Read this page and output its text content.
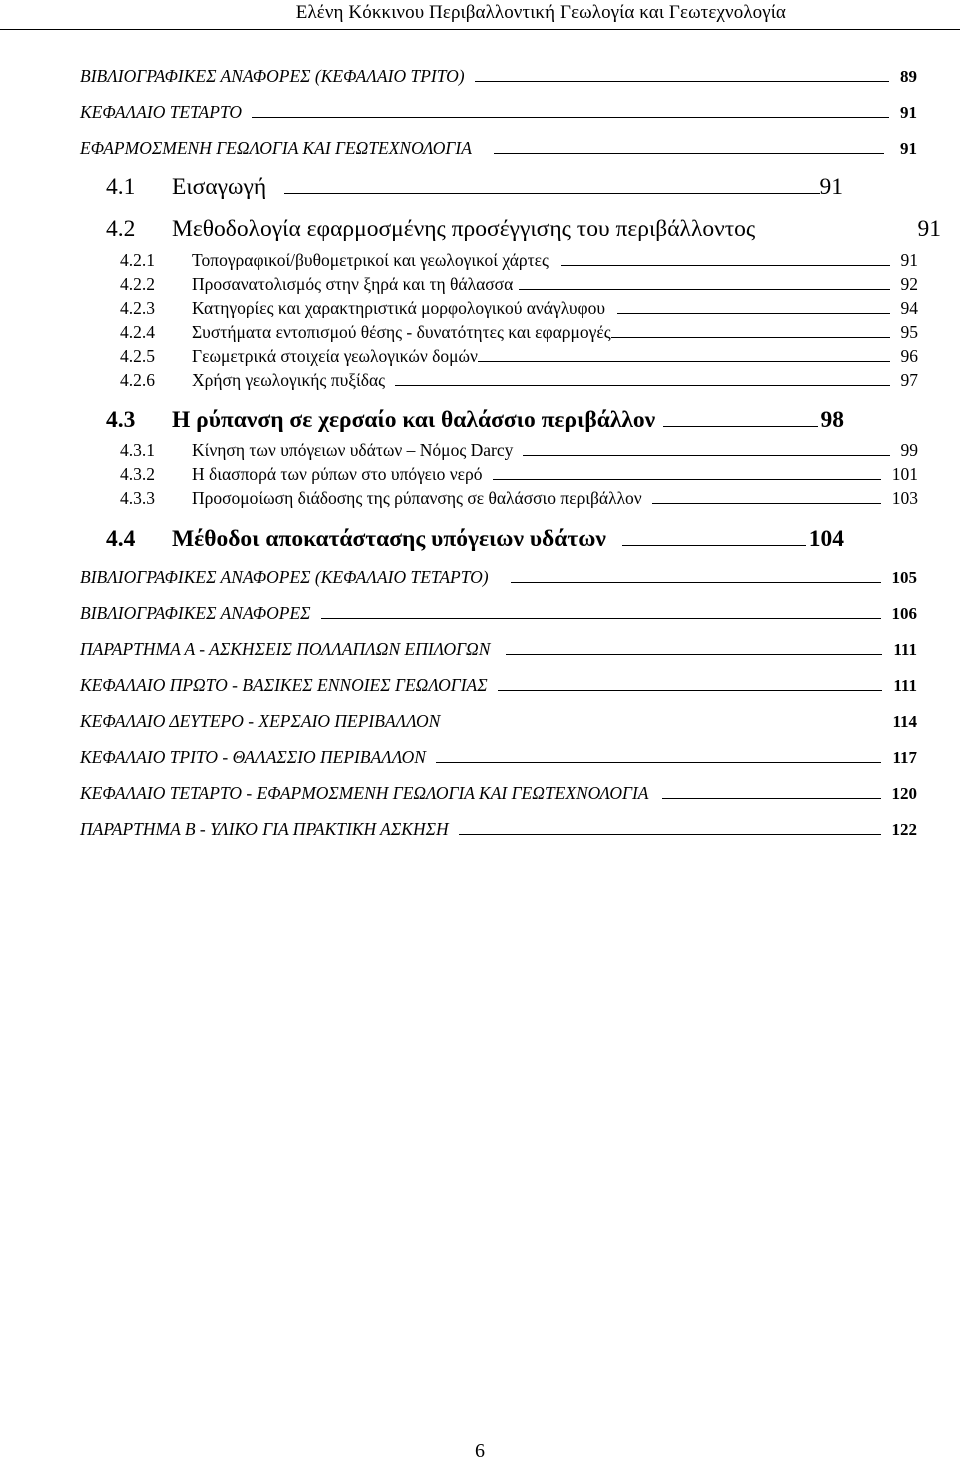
Ελένη Κόκκινου Περιβαλλοντική Γεωλογία και Γεωτεχνολογία
ΒΙΒΛΙΟΓΡΑΦΙΚΕΣ ΑΝΑΦΟΡΕΣ (ΚΕΦΑΛΑΙΟ ΤΡΙΤΟ)	89
ΚΕΦΑΛΑΙΟ ΤΕΤΑΡΤΟ	91
ΕΦΑΡΜΟΣΜΕΝΗ ΓΕΩΛΟΓΙΑ ΚΑΙ ΓΕΩΤΕΧΝΟΛΟΓΙΑ	91
4.1	Εισαγωγή	91
4.2	Μεθοδολογία εφαρμοσμένης προσέγγισης του περιβάλλοντος	91
4.2.1	Τοπογραφικοί/βυθομετρικοί και γεωλογικοί χάρτες	91
4.2.2	Προσανατολισμός στην ξηρά και τη θάλασσα	92
4.2.3	Κατηγορίες και χαρακτηριστικά μορφολογικού ανάγλυφου	94
4.2.4	Συστήματα εντοπισμού θέσης - δυνατότητες και εφαρμογές	95
4.2.5	Γεωμετρικά στοιχεία γεωλογικών δομών	96
4.2.6	Χρήση γεωλογικής πυξίδας	97
4.3	Η ρύπανση σε χερσαίο και θαλάσσιο περιβάλλον	98
4.3.1	Κίνηση των υπόγειων υδάτων – Νόμος Darcy	99
4.3.2	Η διασπορά των ρύπων στο υπόγειο νερό	101
4.3.3	Προσομοίωση διάδοσης της ρύπανσης σε θαλάσσιο περιβάλλον	103
4.4	Μέθοδοι αποκατάστασης υπόγειων υδάτων	104
ΒΙΒΛΙΟΓΡΑΦΙΚΕΣ ΑΝΑΦΟΡΕΣ (ΚΕΦΑΛΑΙΟ ΤΕΤΑΡΤΟ)	105
ΒΙΒΛΙΟΓΡΑΦΙΚΕΣ ΑΝΑΦΟΡΕΣ	106
ΠΑΡΑΡΤΗΜΑ Α - ΑΣΚΗΣΕΙΣ ΠΟΛΛΑΠΛΩΝ ΕΠΙΛΟΓΩΝ	111
ΚΕΦΑΛΑΙΟ ΠΡΩΤΟ - ΒΑΣΙΚΕΣ ΕΝΝΟΙΕΣ ΓΕΩΛΟΓΙΑΣ	111
ΚΕΦΑΛΑΙΟ ΔΕΥΤΕΡΟ - ΧΕΡΣΑΙΟ ΠΕΡΙΒΑΛΛΟΝ	114
ΚΕΦΑΛΑΙΟ ΤΡΙΤΟ - ΘΑΛΑΣΣΙΟ ΠΕΡΙΒΑΛΛΟΝ	117
ΚΕΦΑΛΑΙΟ ΤΕΤΑΡΤΟ - ΕΦΑΡΜΟΣΜΕΝΗ ΓΕΩΛΟΓΙΑ ΚΑΙ ΓΕΩΤΕΧΝΟΛΟΓΙΑ	120
ΠΑΡΑΡΤΗΜΑ Β - ΥΛΙΚΟ ΓΙΑ ΠΡΑΚΤΙΚΗ ΑΣΚΗΣΗ	122
6
